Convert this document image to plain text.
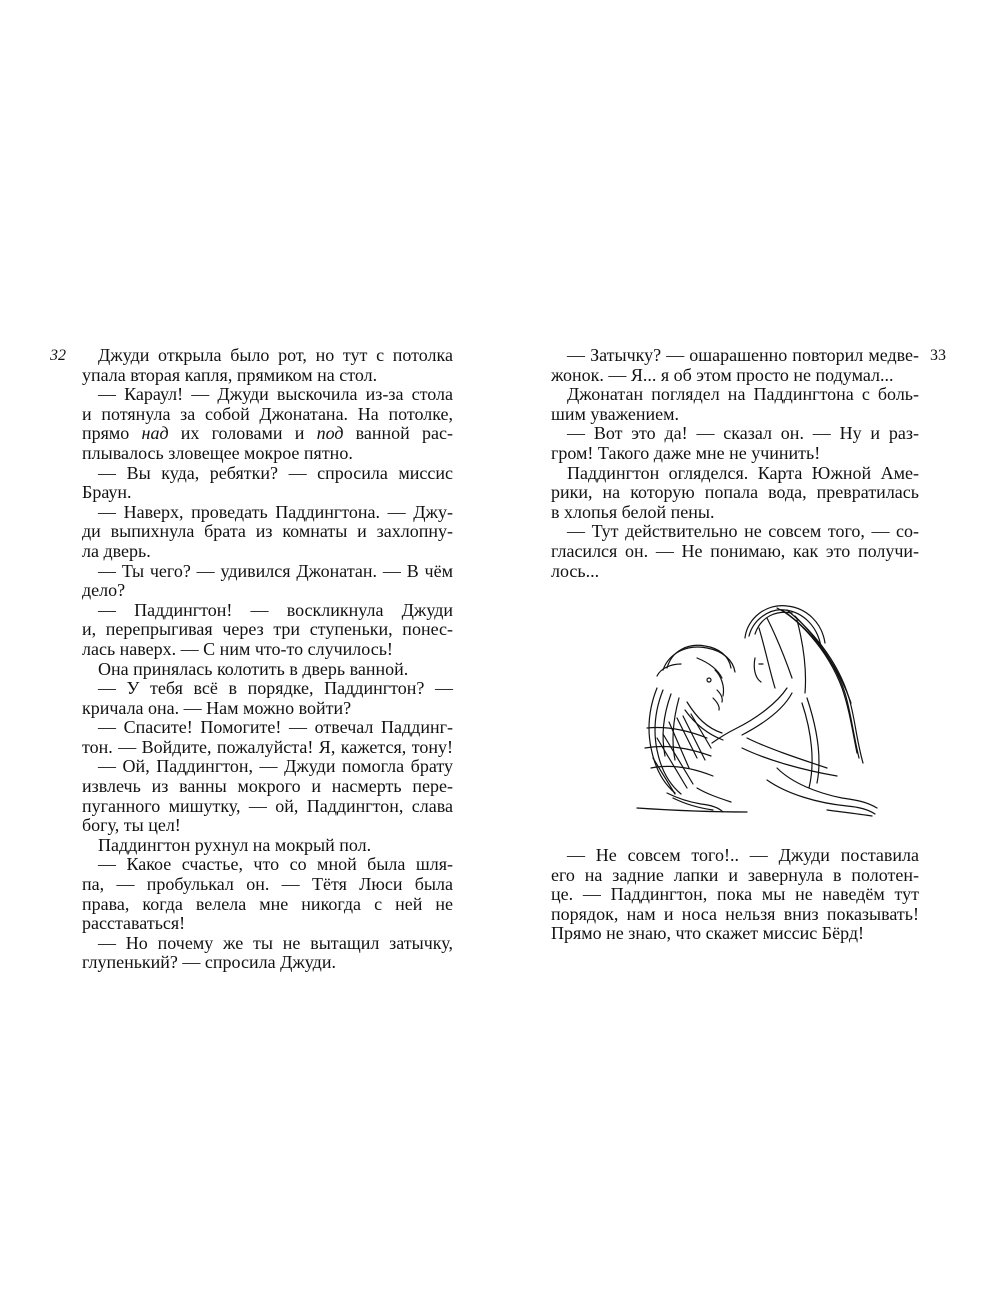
32	33
Джуди открыла было рот, но тут с потолка
упала вторая капля, прямиком на стол.
— Караул! — Джуди выскочила из-за стола
и потянула за собой Джонатана. На потолке,
прямо над их головами и под ванной рас-
плывалось зловещее мокрое пятно.
— Вы куда, ребятки? — спросила миссис
Браун.
— Наверх, проведать Паддингтона. — Джу-
ди выпихнула брата из комнаты и захлопну-
ла дверь.
— Ты чего? — удивился Джонатан. — В чём
дело?
— Паддингтон! — воскликнула Джуди
и, перепрыгивая через три ступеньки, понес-
лась наверх. — С ним что-то случилось!
Она принялась колотить в дверь ванной.
— У тебя всё в порядке, Паддингтон? —
кричала она. — Нам можно войти?
— Спасите! Помогите! — отвечал Паддинг-
тон. — Войдите, пожалуйста! Я, кажется, тону!
— Ой, Паддингтон, — Джуди помогла брату
извлечь из ванны мокрого и насмерть пере-
пуганного мишутку, — ой, Паддингтон, слава
богу, ты цел!
Паддингтон рухнул на мокрый пол.
— Какое счастье, что со мной была шля-
па, — пробулькал он. — Тётя Люси была
права, когда велела мне никогда с ней не
расставаться!
— Но почему же ты не вытащил затычку,
глупенький? — спросила Джуди.
— Затычку? — ошарашенно повторил медве-
жонок. — Я... я об этом просто не подумал...
Джонатан поглядел на Паддингтона с боль-
шим уважением.
— Вот это да! — сказал он. — Ну и раз-
гром! Такого даже мне не учинить!
Паддингтон огляделся. Карта Южной Аме-
рики, на которую попала вода, превратилась
в хлопья белой пены.
— Тут действительно не совсем того, — со-
гласился он. — Не понимаю, как это получи-
лось...
— Не совсем того!.. — Джуди поставила
его на задние лапки и завернула в полотен-
це. — Паддингтон, пока мы не наведём тут
порядок, нам и носа нельзя вниз показывать!
Прямо не знаю, что скажет миссис Бёрд!
